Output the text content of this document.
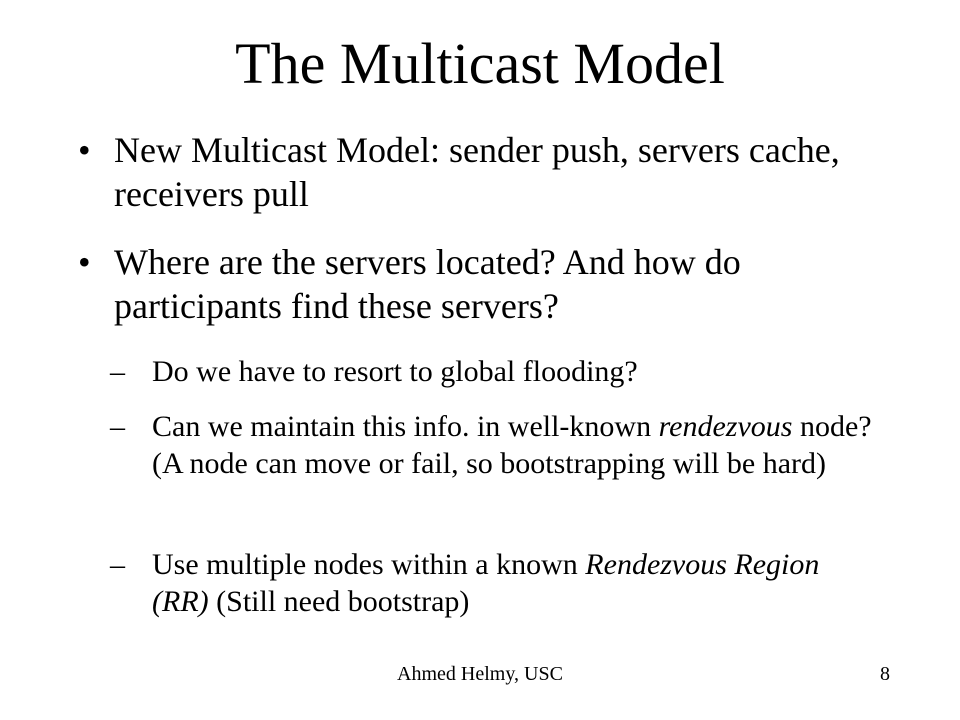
The Multicast Model
• New Multicast Model: sender push, servers cache, receivers pull
• Where are the servers located? And how do participants find these servers?
– Do we have to resort to global flooding?
– Can we maintain this info. in well-known rendezvous node? (A node can move or fail, so bootstrapping will be hard)
– Use multiple nodes within a known Rendezvous Region (RR) (Still need bootstrap)
Ahmed Helmy, USC	8
